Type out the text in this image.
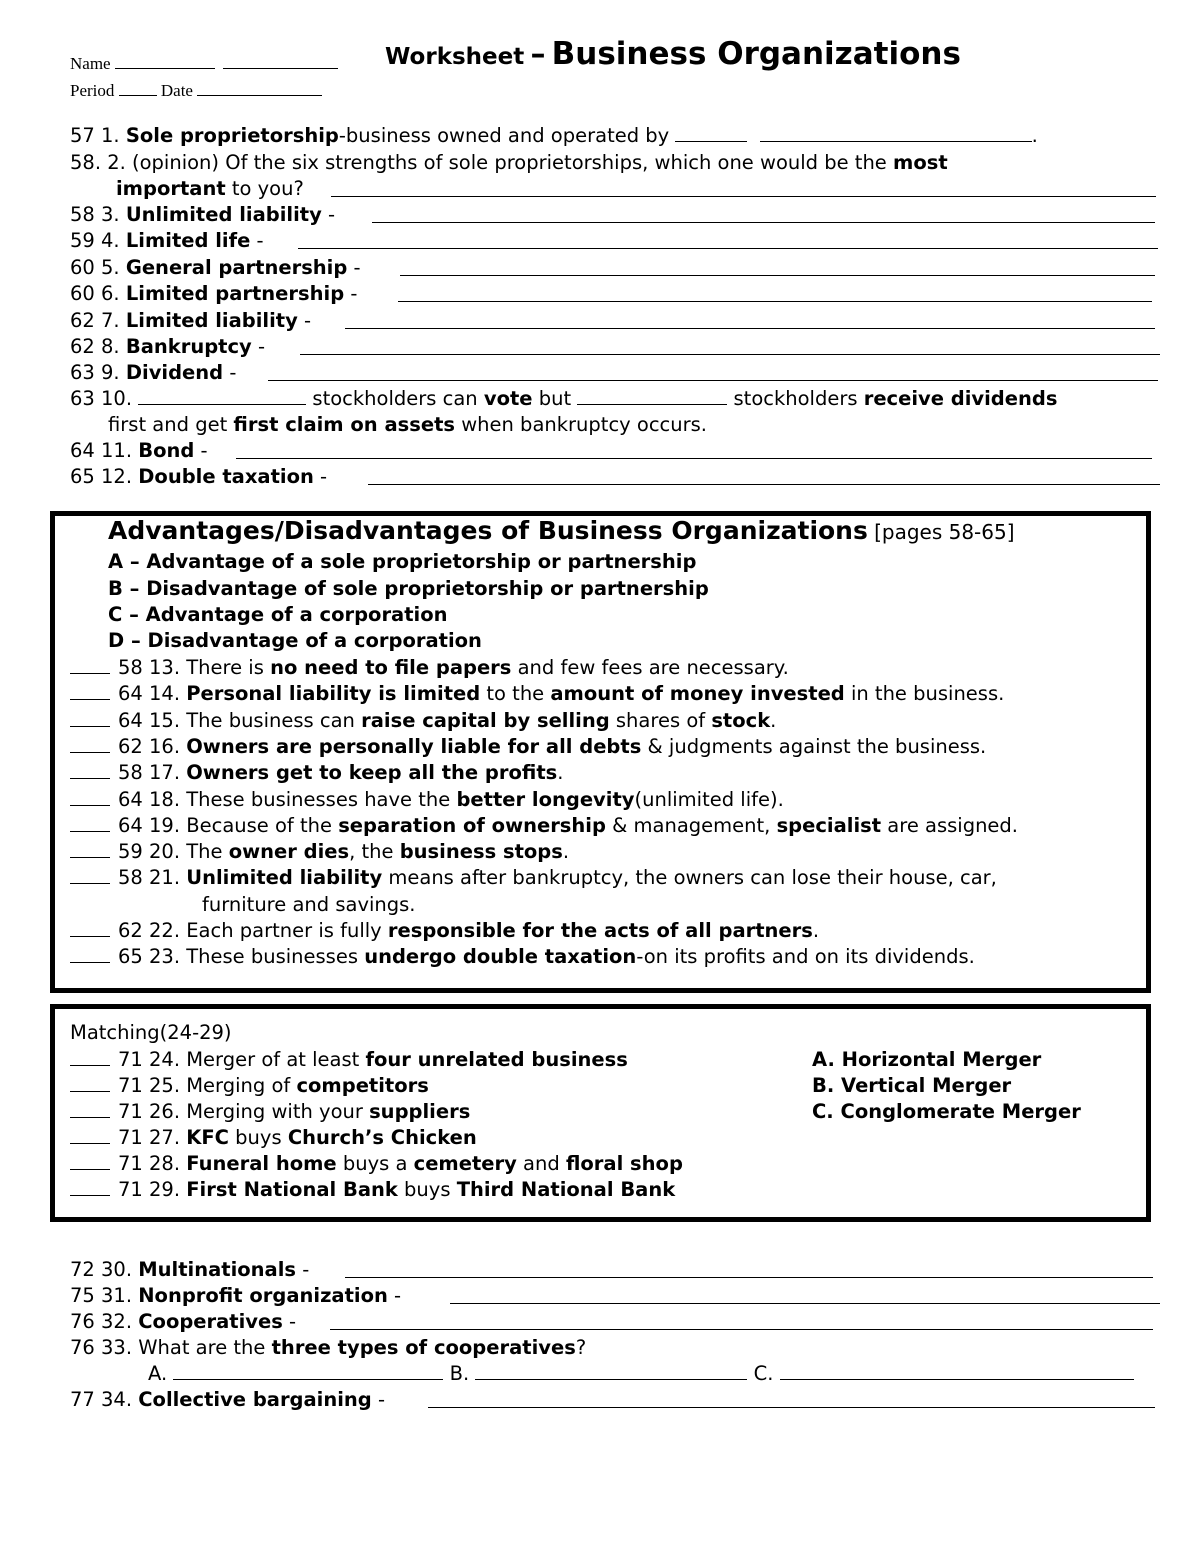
Name
Period	Date
Worksheet – Business Organizations
57 1. Sole proprietorship-business owned and operated by	.
58. 2. (opinion) Of the six strengths of sole proprietorships, which one would be the most
important to you?
58 3. Unlimited liability -
59 4. Limited life -
60 5. General partnership -
60 6. Limited partnership -
62 7. Limited liability -
62 8. Bankruptcy -
63 9. Dividend -
63 10.	stockholders can vote but	stockholders receive dividends
first and get first claim on assets when bankruptcy occurs.
64 11. Bond -
65 12. Double taxation -
Advantages/Disadvantages of Business Organizations [pages 58-65]
A – Advantage of a sole proprietorship or partnership
B – Disadvantage of sole proprietorship or partnership
C – Advantage of a corporation
D – Disadvantage of a corporation
58 13. There is no need to file papers and few fees are necessary.
64 14. Personal liability is limited to the amount of money invested in the business.
64 15. The business can raise capital by selling shares of stock.
62 16. Owners are personally liable for all debts & judgments against the business.
58 17. Owners get to keep all the profits.
64 18. These businesses have the better longevity(unlimited life).
64 19. Because of the separation of ownership & management, specialist are assigned.
59 20. The owner dies, the business stops.
58 21. Unlimited liability means after bankruptcy, the owners can lose their house, car,
furniture and savings.
62 22. Each partner is fully responsible for the acts of all partners.
65 23. These businesses undergo double taxation-on its profits and on its dividends.
Matching(24-29)
71 24. Merger of at least four unrelated business
71 25. Merging of competitors
71 26. Merging with your suppliers
71 27. KFC buys Church’s Chicken
71 28. Funeral home buys a cemetery and floral shop
71 29. First National Bank buys Third National Bank
A. Horizontal Merger
B. Vertical Merger
C. Conglomerate Merger
72 30. Multinationals -
75 31. Nonprofit organization -
76 32. Cooperatives -
76 33. What are the three types of cooperatives?
A.	B.	C.
77 34. Collective bargaining -
